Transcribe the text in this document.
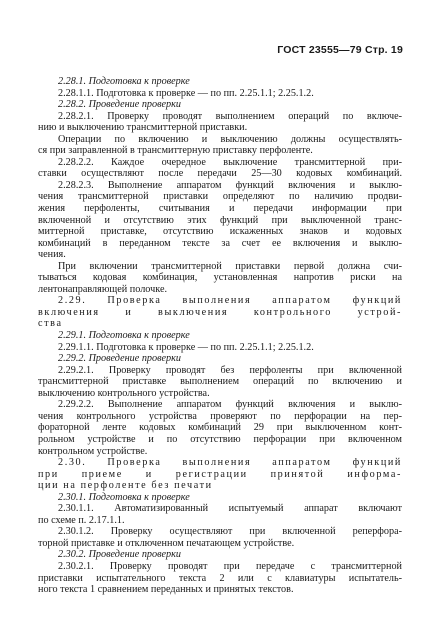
ГОСТ 23555—79 Стр. 19
2.28.1. Подготовка к проверке
2.28.1.1. Подготовка к проверке — по пп. 2.25.1.1; 2.25.1.2.
2.28.2. Проведение проверки
2.28.2.1. Проверку проводят выполнением операций по включе-
нию и выключению трансмиттерной приставки.
Операции по включению и выключению должны осуществлять-
ся при заправленной в трансмиттерную приставку перфоленте.
2.28.2.2. Каждое очередное выключение трансмиттерной при-
ставки осуществляют после передачи 25—30 кодовых комбинаций.
2.28.2.3. Выполнение аппаратом функций включения и выклю-
чения трансмиттерной приставки определяют по наличию продви-
жения перфоленты, считывания и передачи информации при
включенной и отсутствию этих функций при выключенной транс-
миттерной приставке, отсутствию искаженных знаков и кодовых
комбинаций в переданном тексте за счет ее включения и выклю-
чения.
При включении трансмиттерной приставки первой должна счи-
тываться кодовая комбинация, установленная напротив риски на
лентонаправляющей полочке.
2.29. Проверка выполнения аппаратом функций
включения и выключения контрольного устрой-
ства
2.29.1. Подготовка к проверке
2.29.1.1. Подготовка к проверке — по пп. 2.25.1.1; 2.25.1.2.
2.29.2. Проведение проверки
2.29.2.1. Проверку проводят без перфоленты при включенной
трансмиттерной приставке выполнением операций по включению и
выключению контрольного устройства.
2.29.2.2. Выполнение аппаратом функций включения и выклю-
чения контрольного устройства проверяют по перфорации на пер-
фораторной ленте кодовых комбинаций 29 при выключенном конт-
рольном устройстве и по отсутствию перфорации при включенном
контрольном устройстве.
2.30. Проверка выполнения аппаратом функций
при приеме и регистрации принятой информа-
ции на перфоленте без печати
2.30.1. Подготовка к проверке
2.30.1.1. Автоматизированный испытуемый аппарат включают
по схеме п. 2.17.1.1.
2.30.1.2. Проверку осуществляют при включенной реперфора-
торной приставке и отключенном печатающем устройстве.
2.30.2. Проведение проверки
2.30.2.1. Проверку проводят при передаче с трансмиттерной
приставки испытательного текста 2 или с клавиатуры испытатель-
ного текста 1 сравнением переданных и принятых текстов.
